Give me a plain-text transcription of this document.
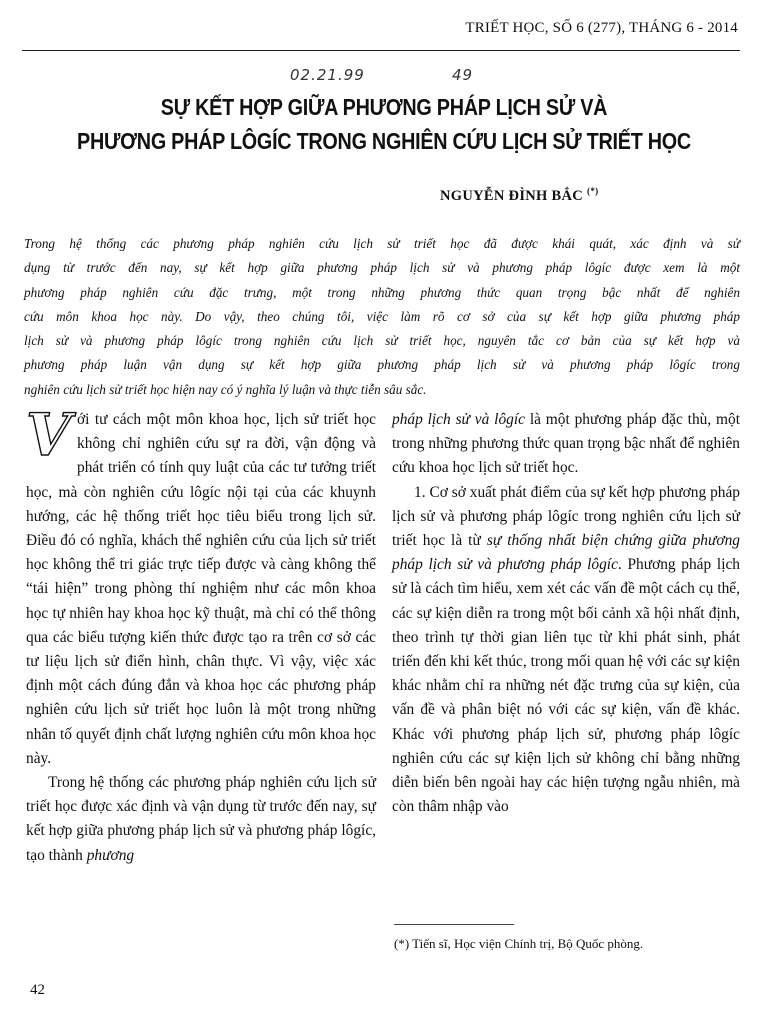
TRIẾT HỌC, SỐ 6 (277), THÁNG 6 - 2014
02.21.99	49
SỰ KẾT HỢP GIỮA PHƯƠNG PHÁP LỊCH SỬ VÀ
PHƯƠNG PHÁP LÔGÍC TRONG NGHIÊN CỨU LỊCH SỬ TRIẾT HỌC
NGUYỄN ĐÌNH BẮC (*)
Trong hệ thống các phương pháp nghiên cứu lịch sử triết học đã được khái quát, xác định và sử
dụng từ trước đến nay, sự kết hợp giữa phương pháp lịch sử và phương pháp lôgíc được xem là một
phương pháp nghiên cứu đặc trưng, một trong những phương thức quan trọng bậc nhất để nghiên
cứu môn khoa học này. Do vậy, theo chúng tôi, việc làm rõ cơ sở của sự kết hợp giữa phương pháp
lịch sử và phương pháp lôgíc trong nghiên cứu lịch sử triết học, nguyên tắc cơ bản của sự kết hợp và
phương pháp luận vận dụng sự kết hợp giữa phương pháp lịch sử và phương pháp lôgíc trong
nghiên cứu lịch sử triết học hiện nay có ý nghĩa lý luận và thực tiễn sâu sắc.

Với tư cách một môn khoa học, lịch sử triết học không chỉ nghiên cứu sự ra đời, vận động và phát triển có tính quy luật của các tư tưởng triết học, mà còn nghiên cứu lôgíc nội tại của các khuynh hướng, các hệ thống triết học tiêu biểu trong lịch sử. Điều đó có nghĩa, khách thể nghiên cứu của lịch sử triết học không thể tri giác trực tiếp được và càng không thể “tái hiện” trong phòng thí nghiệm như các môn khoa học tự nhiên hay khoa học kỹ thuật, mà chỉ có thể thông qua các biểu tượng kiến thức được tạo ra trên cơ sở các tư liệu lịch sử điển hình, chân thực. Vì vậy, việc xác định một cách đúng đắn và khoa học các phương pháp nghiên cứu lịch sử triết học luôn là một trong những nhân tố quyết định chất lượng nghiên cứu môn khoa học này.

Trong hệ thống các phương pháp nghiên cứu lịch sử triết học được xác định và vận dụng từ trước đến nay, sự kết hợp giữa phương pháp lịch sử và phương pháp lôgíc, tạo thành phương

pháp lịch sử và lôgíc là một phương pháp đặc thù, một trong những phương thức quan trọng bậc nhất để nghiên cứu khoa học lịch sử triết học.

1. Cơ sở xuất phát điểm của sự kết hợp phương pháp lịch sử và phương pháp lôgíc trong nghiên cứu lịch sử triết học là từ sự thống nhất biện chứng giữa phương pháp lịch sử và phương pháp lôgíc. Phương pháp lịch sử là cách tìm hiểu, xem xét các vấn đề một cách cụ thể, các sự kiện diễn ra trong một bối cảnh xã hội nhất định, theo trình tự thời gian liên tục từ khi phát sinh, phát triển đến khi kết thúc, trong mối quan hệ với các sự kiện khác nhằm chỉ ra những nét đặc trưng của sự kiện, của vấn đề và phân biệt nó với các sự kiện, vấn đề khác. Khác với phương pháp lịch sử, phương pháp lôgíc nghiên cứu các sự kiện lịch sử không chỉ bằng những diễn biến bên ngoài hay các hiện tượng ngẫu nhiên, mà còn thâm nhập vào

(*) Tiến sĩ, Học viện Chính trị, Bộ Quốc phòng.
42
